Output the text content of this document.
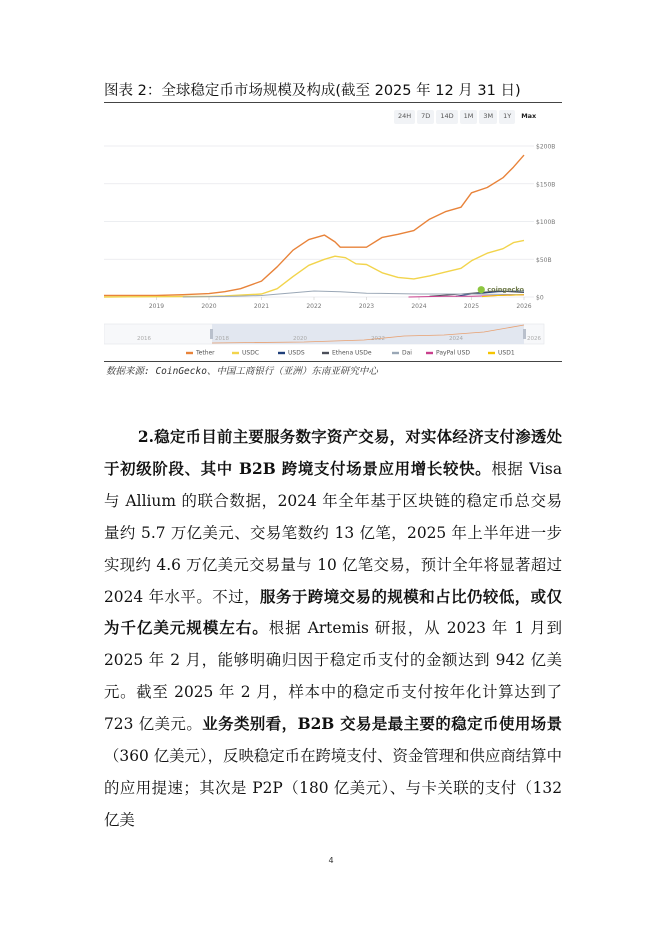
图表 2：全球稳定币市场规模及构成(截至 2025 年 12 月 31 日)
24H	7D	14D	1M	3M	1Y	Max
$0
$50B
$100B
$150B
$200B
2019	2020	2021	2022	2023	2024	2025	2026
coingecko
2016	2018	2020	2022	2024	2026
Tether	USDC	USDS	Ethena USDe	Dai	PayPal USD	USD1
数据来源: CoinGecko、中国工商银行（亚洲）东南亚研究中心

2.稳定币目前主要服务数字资产交易，对实体经济支付渗透处于初级阶段、其中 B2B 跨境支付场景应用增长较快。根据 Visa 与 Allium 的联合数据，2024 年全年基于区块链的稳定币总交易量约 5.7 万亿美元、交易笔数约 13 亿笔，2025 年上半年进一步实现约 4.6 万亿美元交易量与 10 亿笔交易，预计全年将显著超过 2024 年水平。不过，服务于跨境交易的规模和占比仍较低，或仅为千亿美元规模左右。根据 Artemis 研报，从 2023 年 1 月到 2025 年 2 月，能够明确归因于稳定币支付的金额达到 942 亿美元。截至 2025 年 2 月，样本中的稳定币支付按年化计算达到了 723 亿美元。业务类别看，B2B 交易是最主要的稳定币使用场景（360 亿美元），反映稳定币在跨境支付、资金管理和供应商结算中的应用提速；其次是 P2P（180 亿美元）、与卡关联的支付（132 亿美

4
